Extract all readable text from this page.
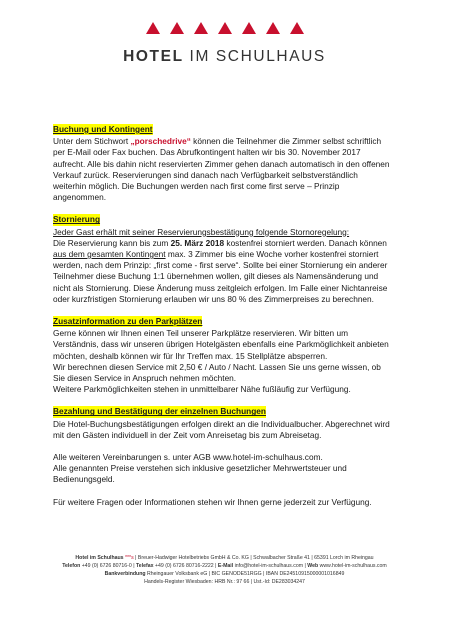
HOTEL IM SCHULHAUS
Buchung und Kontingent

Unter dem Stichwort „porschedrive“ können die Teilnehmer die Zimmer selbst schriftlich per E-Mail oder Fax buchen. Das Abrufkontingent halten wir bis 30. November 2017 aufrecht. Alle bis dahin nicht reservierten Zimmer gehen danach automatisch in den offenen Verkauf zurück. Reservierungen sind danach nach Verfügbarkeit selbstverständlich weiterhin möglich. Die Buchungen werden nach first come first serve – Prinzip angenommen.

Stornierung

Jeder Gast erhält mit seiner Reservierungsbestätigung folgende Stornoregelung:

Die Reservierung kann bis zum 25. März 2018 kostenfrei storniert werden. Danach können aus dem gesamten Kontingent max. 3 Zimmer bis eine Woche vorher kostenfrei storniert werden, nach dem Prinzip: „first come - first serve“. Sollte bei einer Stornierung ein anderer Teilnehmer diese Buchung 1:1 übernehmen wollen, gilt dieses als Namensänderung und nicht als Stornierung. Diese Änderung muss zeitgleich erfolgen. Im Falle einer Nichtanreise oder kurzfristigen Stornierung erlauben wir uns 80 % des Zimmerpreises zu berechnen.

Zusatzinformation zu den Parkplätzen

Gerne können wir Ihnen einen Teil unserer Parkplätze reservieren. Wir bitten um Verständnis, dass wir unseren übrigen Hotelgästen ebenfalls eine Parkmöglichkeit anbieten möchten, deshalb können wir für Ihr Treffen max. 15 Stellplätze absperren.

Wir berechnen diesen Service mit 2,50 € / Auto / Nacht. Lassen Sie uns gerne wissen, ob Sie diesen Service in Anspruch nehmen möchten.

Weitere Parkmöglichkeiten stehen in unmittelbarer Nähe fußläufig zur Verfügung.

Bezahlung und Bestätigung der einzelnen Buchungen

Die Hotel-Buchungsbestätigungen erfolgen direkt an die Individualbucher. Abgerechnet wird mit den Gästen individuell in der Zeit vom Anreisetag bis zum Abreisetag.

Alle weiteren Vereinbarungen s. unter AGB www.hotel-im-schulhaus.com.

Alle genannten Preise verstehen sich inklusive gesetzlicher Mehrwertsteuer und Bedienungsgeld.

Für weitere Fragen oder Informationen stehen wir Ihnen gerne jederzeit zur Verfügung.

Hotel im Schulhaus ***s | Breuer-Hadwiger Hotelbetriebs GmbH & Co. KG | Schwalbacher Straße 41 | 65391 Lorch im Rheingau
Telefon +49 (0) 6726 80716-0 | Telefax +49 (0) 6726 80716-2222 | E-Mail info@hotel-im-schulhaus.com | Web www.hotel-im-schulhaus.com
Bankverbindung Rheingauer Volksbank eG | BIC GENODE51RGG | IBAN DE24510915000001016849
Handels-Register Wiesbaden: HRB Nr.: 97 66 | Ust.-Id: DE283034247
